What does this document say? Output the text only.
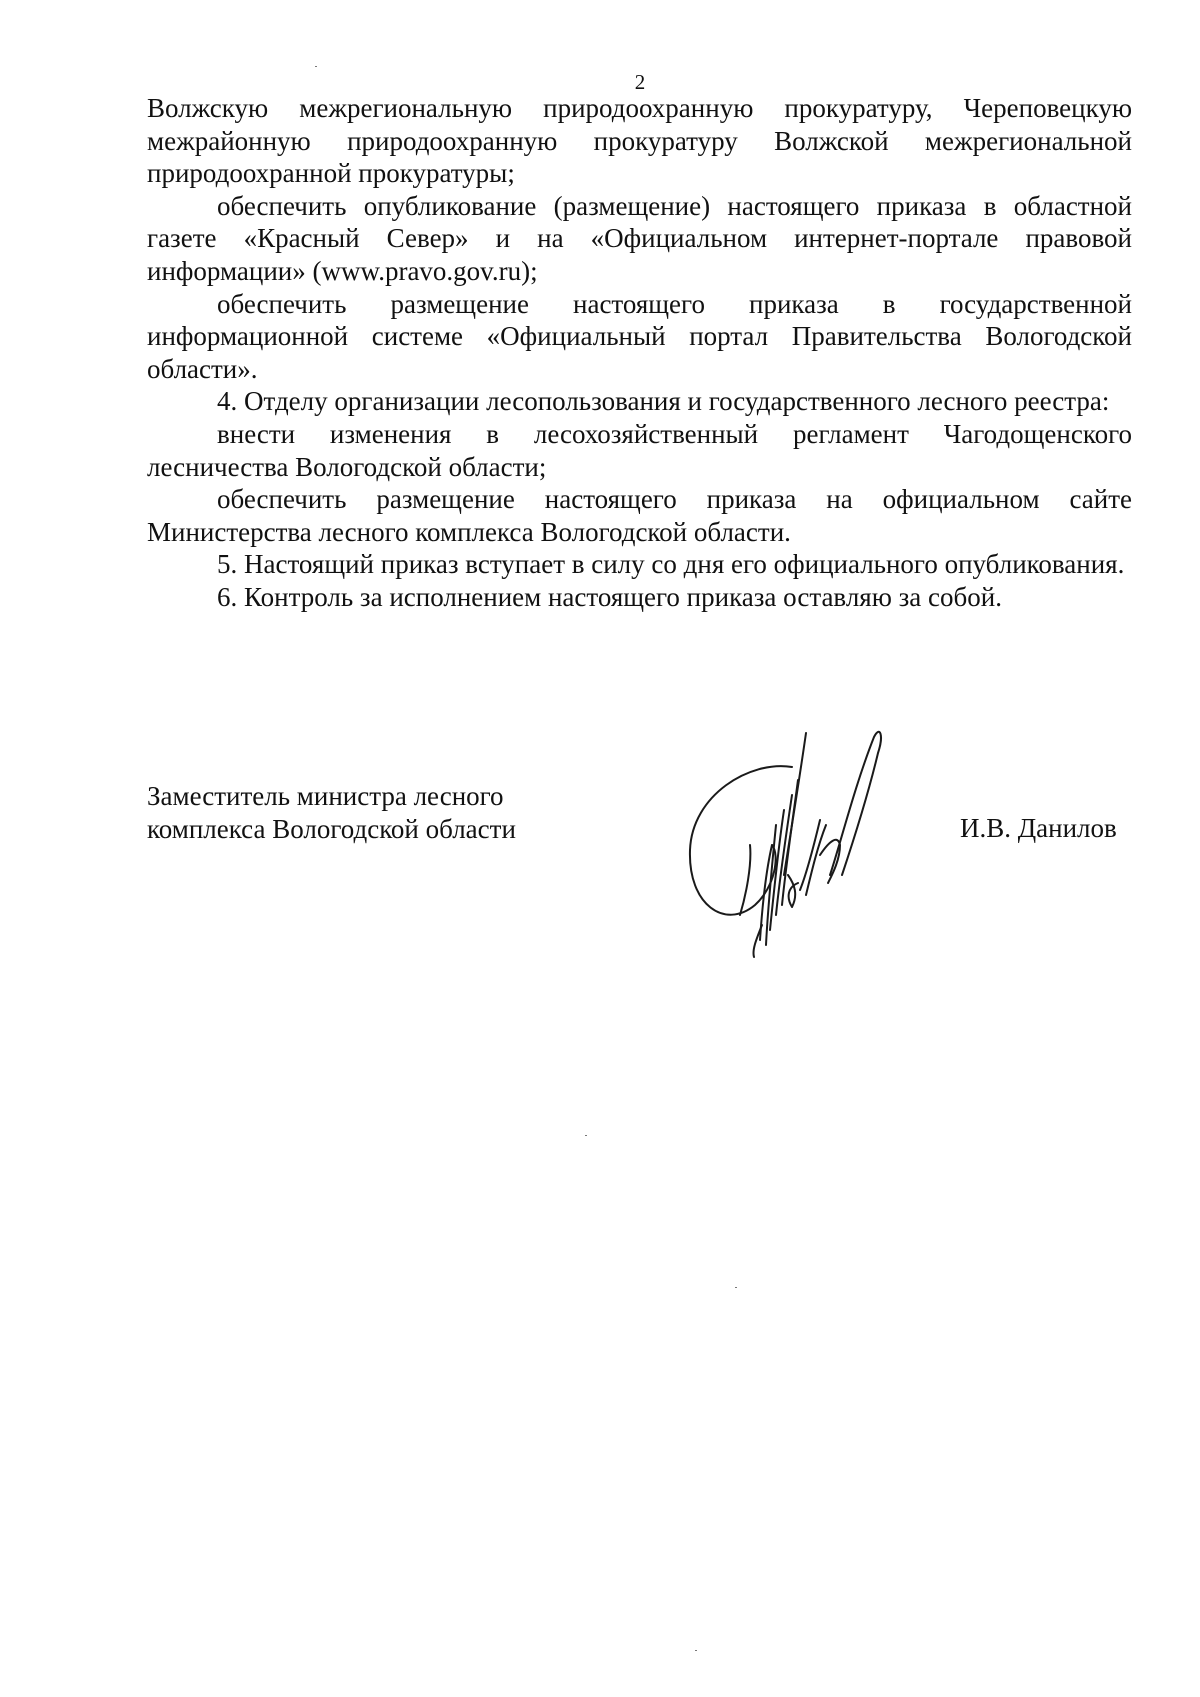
2

Волжскую межрегиональную природоохранную прокуратуру, Череповецкую межрайонную природоохранную прокуратуру Волжской межрегиональной природоохранной прокуратуры;

обеспечить опубликование (размещение) настоящего приказа в областной газете «Красный Север» и на «Официальном интернет-портале правовой информации» (www.pravo.gov.ru);

обеспечить размещение настоящего приказа в государственной информационной системе «Официальный портал Правительства Вологодской области».

4. Отделу организации лесопользования и государственного лесного реестра:

внести изменения в лесохозяйственный регламент Чагодощенского лесничества Вологодской области;

обеспечить размещение настоящего приказа на официальном сайте Министерства лесного комплекса Вологодской области.

5. Настоящий приказ вступает в силу со дня его официального опубликования.

6. Контроль за исполнением настоящего приказа оставляю за собой.

Заместитель министра лесного
комплекса Вологодской области	И.В. Данилов
